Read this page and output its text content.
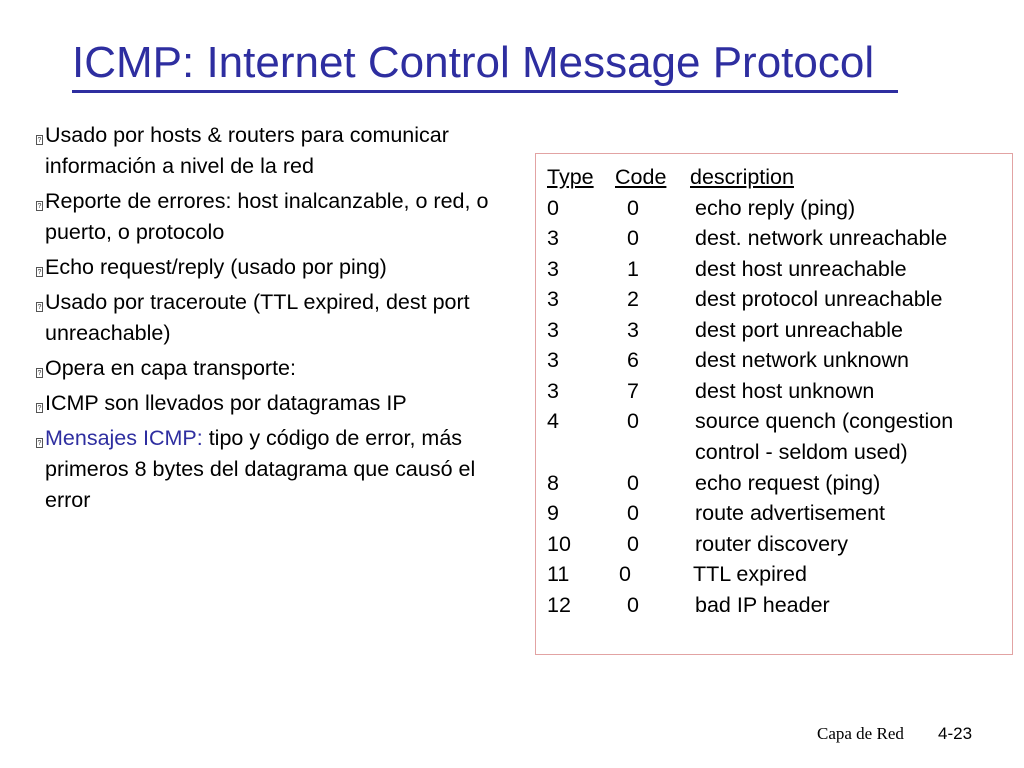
ICMP: Internet Control Message Protocol
? Usado por hosts & routers para comunicar información a nivel de la red
? Reporte de errores: host inalcanzable, o red, o puerto, o protocolo
? Echo request/reply (usado por ping)
? Usado por traceroute (TTL expired, dest port unreachable)
? Opera en capa transporte:
? ICMP son llevados por datagramas IP
? Mensajes ICMP: tipo y código de error, más primeros 8 bytes del datagrama que causó el error
Type Code description
0	0	echo reply (ping)
3	0	dest. network unreachable
3	1	dest host unreachable
3	2	dest protocol unreachable
3	3	dest port unreachable
3	6	dest network unknown
3	7	dest host unknown
4	0	source quench (congestion
control - seldom used)
8	0	echo request (ping)
9	0	route advertisement
10	0	router discovery
11 0	TTL expired
12	0	bad IP header
Capa de Red 4-23
